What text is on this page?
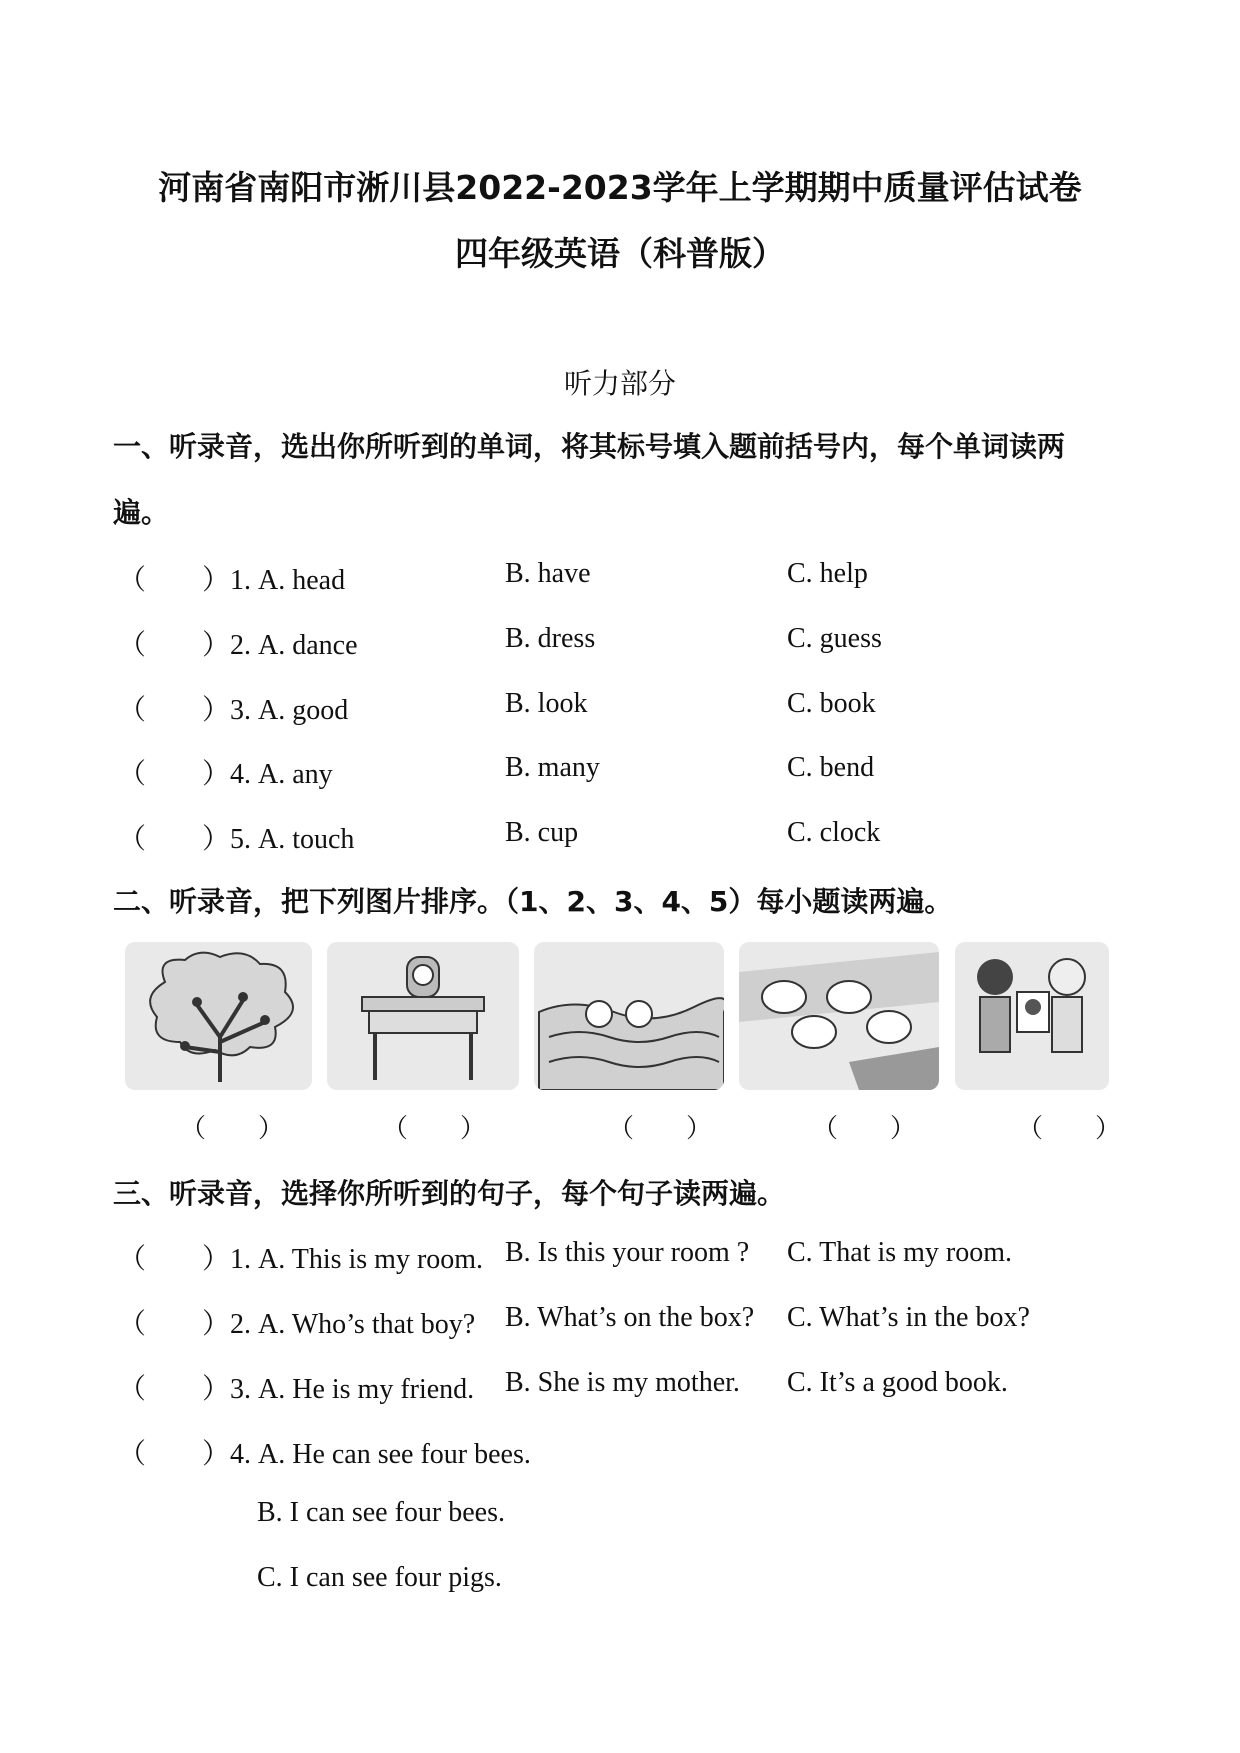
河南省南阳市淅川县2022-2023学年上学期期中质量评估试卷
四年级英语（科普版）
听力部分
一、听录音，选出你所听到的单词，将其标号填入题前括号内，每个单词读两
遍。
（　　）1. A. head	B. have	C. help
（　　）2. A. dance	B. dress	C. guess
（　　）3. A. good	B. look	C. book
（　　）4. A. any	B. many	C. bend
（　　）5. A. touch	B. cup	C. clock
二、听录音，把下列图片排序。（1、2、3、4、5）每小题读两遍。
（　　）	（　　）	（　　）	（　　）	（　　）
三、听录音，选择你所听到的句子，每个句子读两遍。
（　　）1. A. This is my room. B. Is this your room ? C. That is my room.
（　　）2. A. Who’s that boy? B. What’s on the box? C. What’s in the box?
（　　）3. A. He is my friend. B. She is my mother. C. It’s a good book.
（　　）4. A. He can see four bees.
B. I can see four bees.
C. I can see four pigs.
